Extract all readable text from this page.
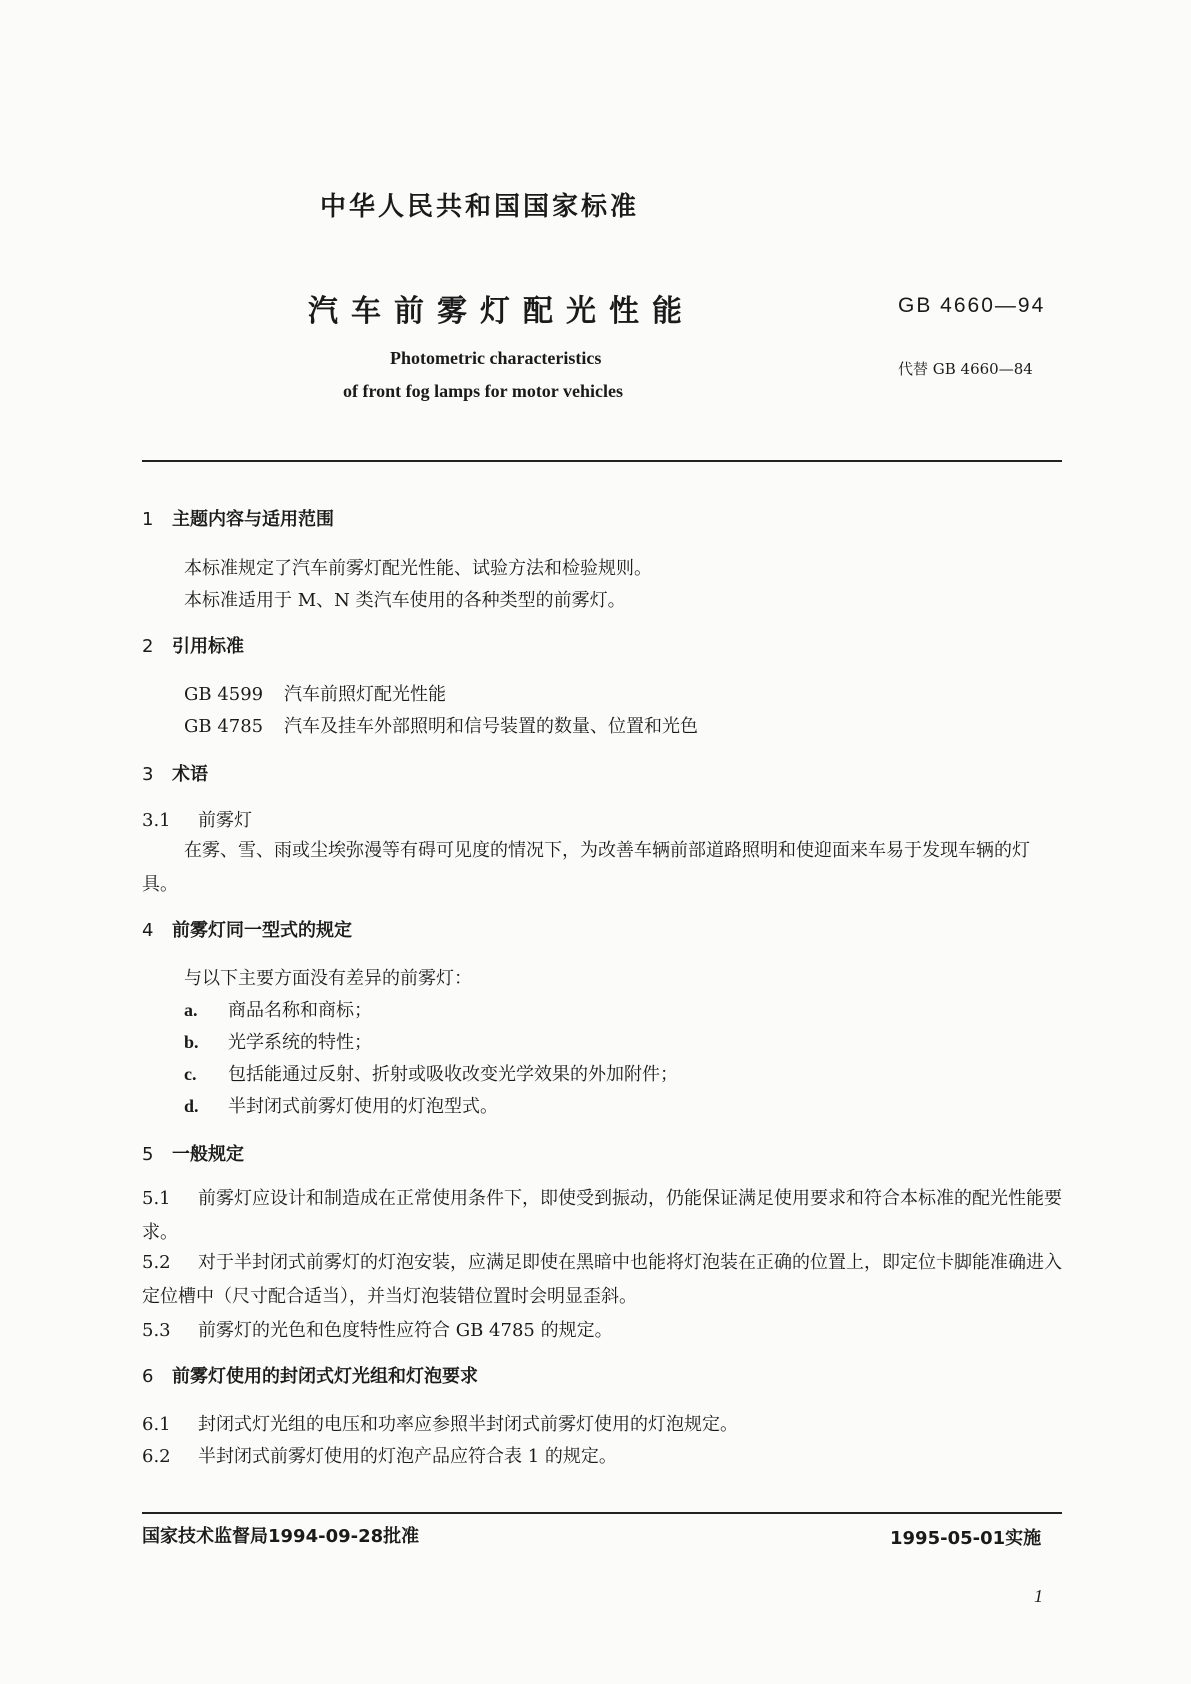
中华人民共和国国家标准
汽车前雾灯配光性能	GB 4660—94
Photometric characteristics
of front fog lamps for motor vehicles
代替 GB 4660—84
1 主题内容与适用范围
本标准规定了汽车前雾灯配光性能、试验方法和检验规则。
本标准适用于 M、N 类汽车使用的各种类型的前雾灯。
2 引用标准
GB 4599 汽车前照灯配光性能
GB 4785 汽车及挂车外部照明和信号装置的数量、位置和光色
3 术语
3.1 前雾灯
在雾、雪、雨或尘埃弥漫等有碍可见度的情况下，为改善车辆前部道路照明和使迎面来车易于发现车辆的灯具。
4 前雾灯同一型式的规定
与以下主要方面没有差异的前雾灯：
a. 商品名称和商标；
b. 光学系统的特性；
c. 包括能通过反射、折射或吸收改变光学效果的外加附件；
d. 半封闭式前雾灯使用的灯泡型式。
5 一般规定
5.1 前雾灯应设计和制造成在正常使用条件下，即使受到振动，仍能保证满足使用要求和符合本标准的配光性能要求。
5.2 对于半封闭式前雾灯的灯泡安装，应满足即使在黑暗中也能将灯泡装在正确的位置上，即定位卡脚能准确进入定位槽中（尺寸配合适当），并当灯泡装错位置时会明显歪斜。
5.3 前雾灯的光色和色度特性应符合 GB 4785 的规定。
6 前雾灯使用的封闭式灯光组和灯泡要求
6.1 封闭式灯光组的电压和功率应参照半封闭式前雾灯使用的灯泡规定。
6.2 半封闭式前雾灯使用的灯泡产品应符合表 1 的规定。
国家技术监督局1994-09-28批准	1995-05-01实施
1
